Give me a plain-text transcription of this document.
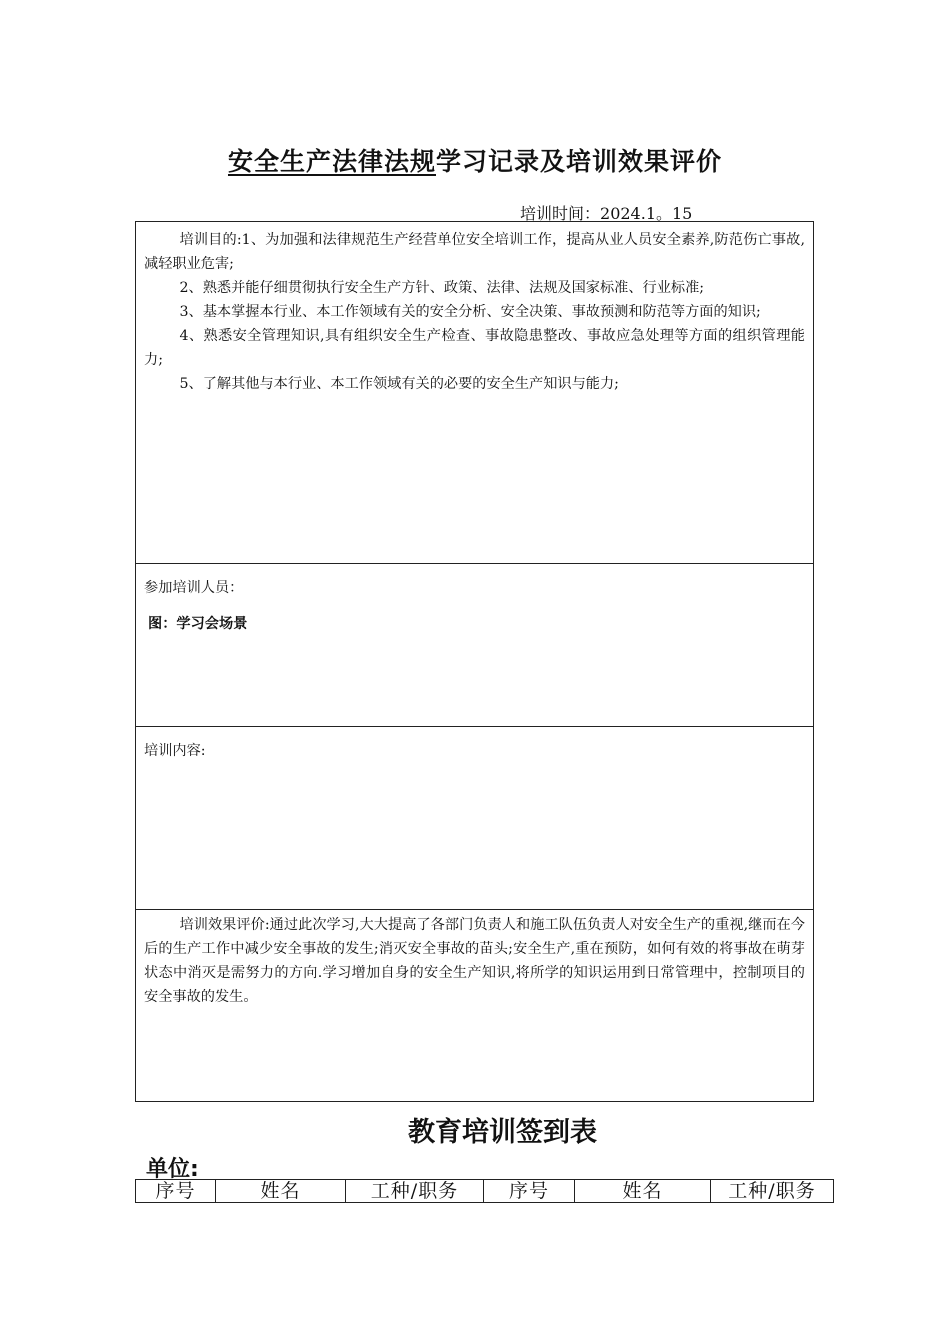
安全生产法律法规学习记录及培训效果评价
培训时间：2024.1。15

培训目的:1、为加强和法律规范生产经营单位安全培训工作，提高从业人员安全素养,防范伤亡事故,减轻职业危害;

2、熟悉并能仔细贯彻执行安全生产方针、政策、法律、法规及国家标准、行业标准;

3、基本掌握本行业、本工作领域有关的安全分析、安全决策、事故预测和防范等方面的知识;

4、熟悉安全管理知识,具有组织安全生产检查、事故隐患整改、事故应急处理等方面的组织管理能力;

5、了解其他与本行业、本工作领域有关的必要的安全生产知识与能力;

参加培训人员：
图：学习会场景
培训内容:

培训效果评价:通过此次学习,大大提高了各部门负责人和施工队伍负责人对安全生产的重视,继而在今后的生产工作中减少安全事故的发生;消灭安全事故的苗头;安全生产,重在预防，如何有效的将事故在萌芽状态中消灭是需努力的方向.学习增加自身的安全生产知识,将所学的知识运用到日常管理中，控制项目的安全事故的发生。

教育培训签到表
单位:
序号	姓名	工种/职务	序号	姓名	工种/职务
